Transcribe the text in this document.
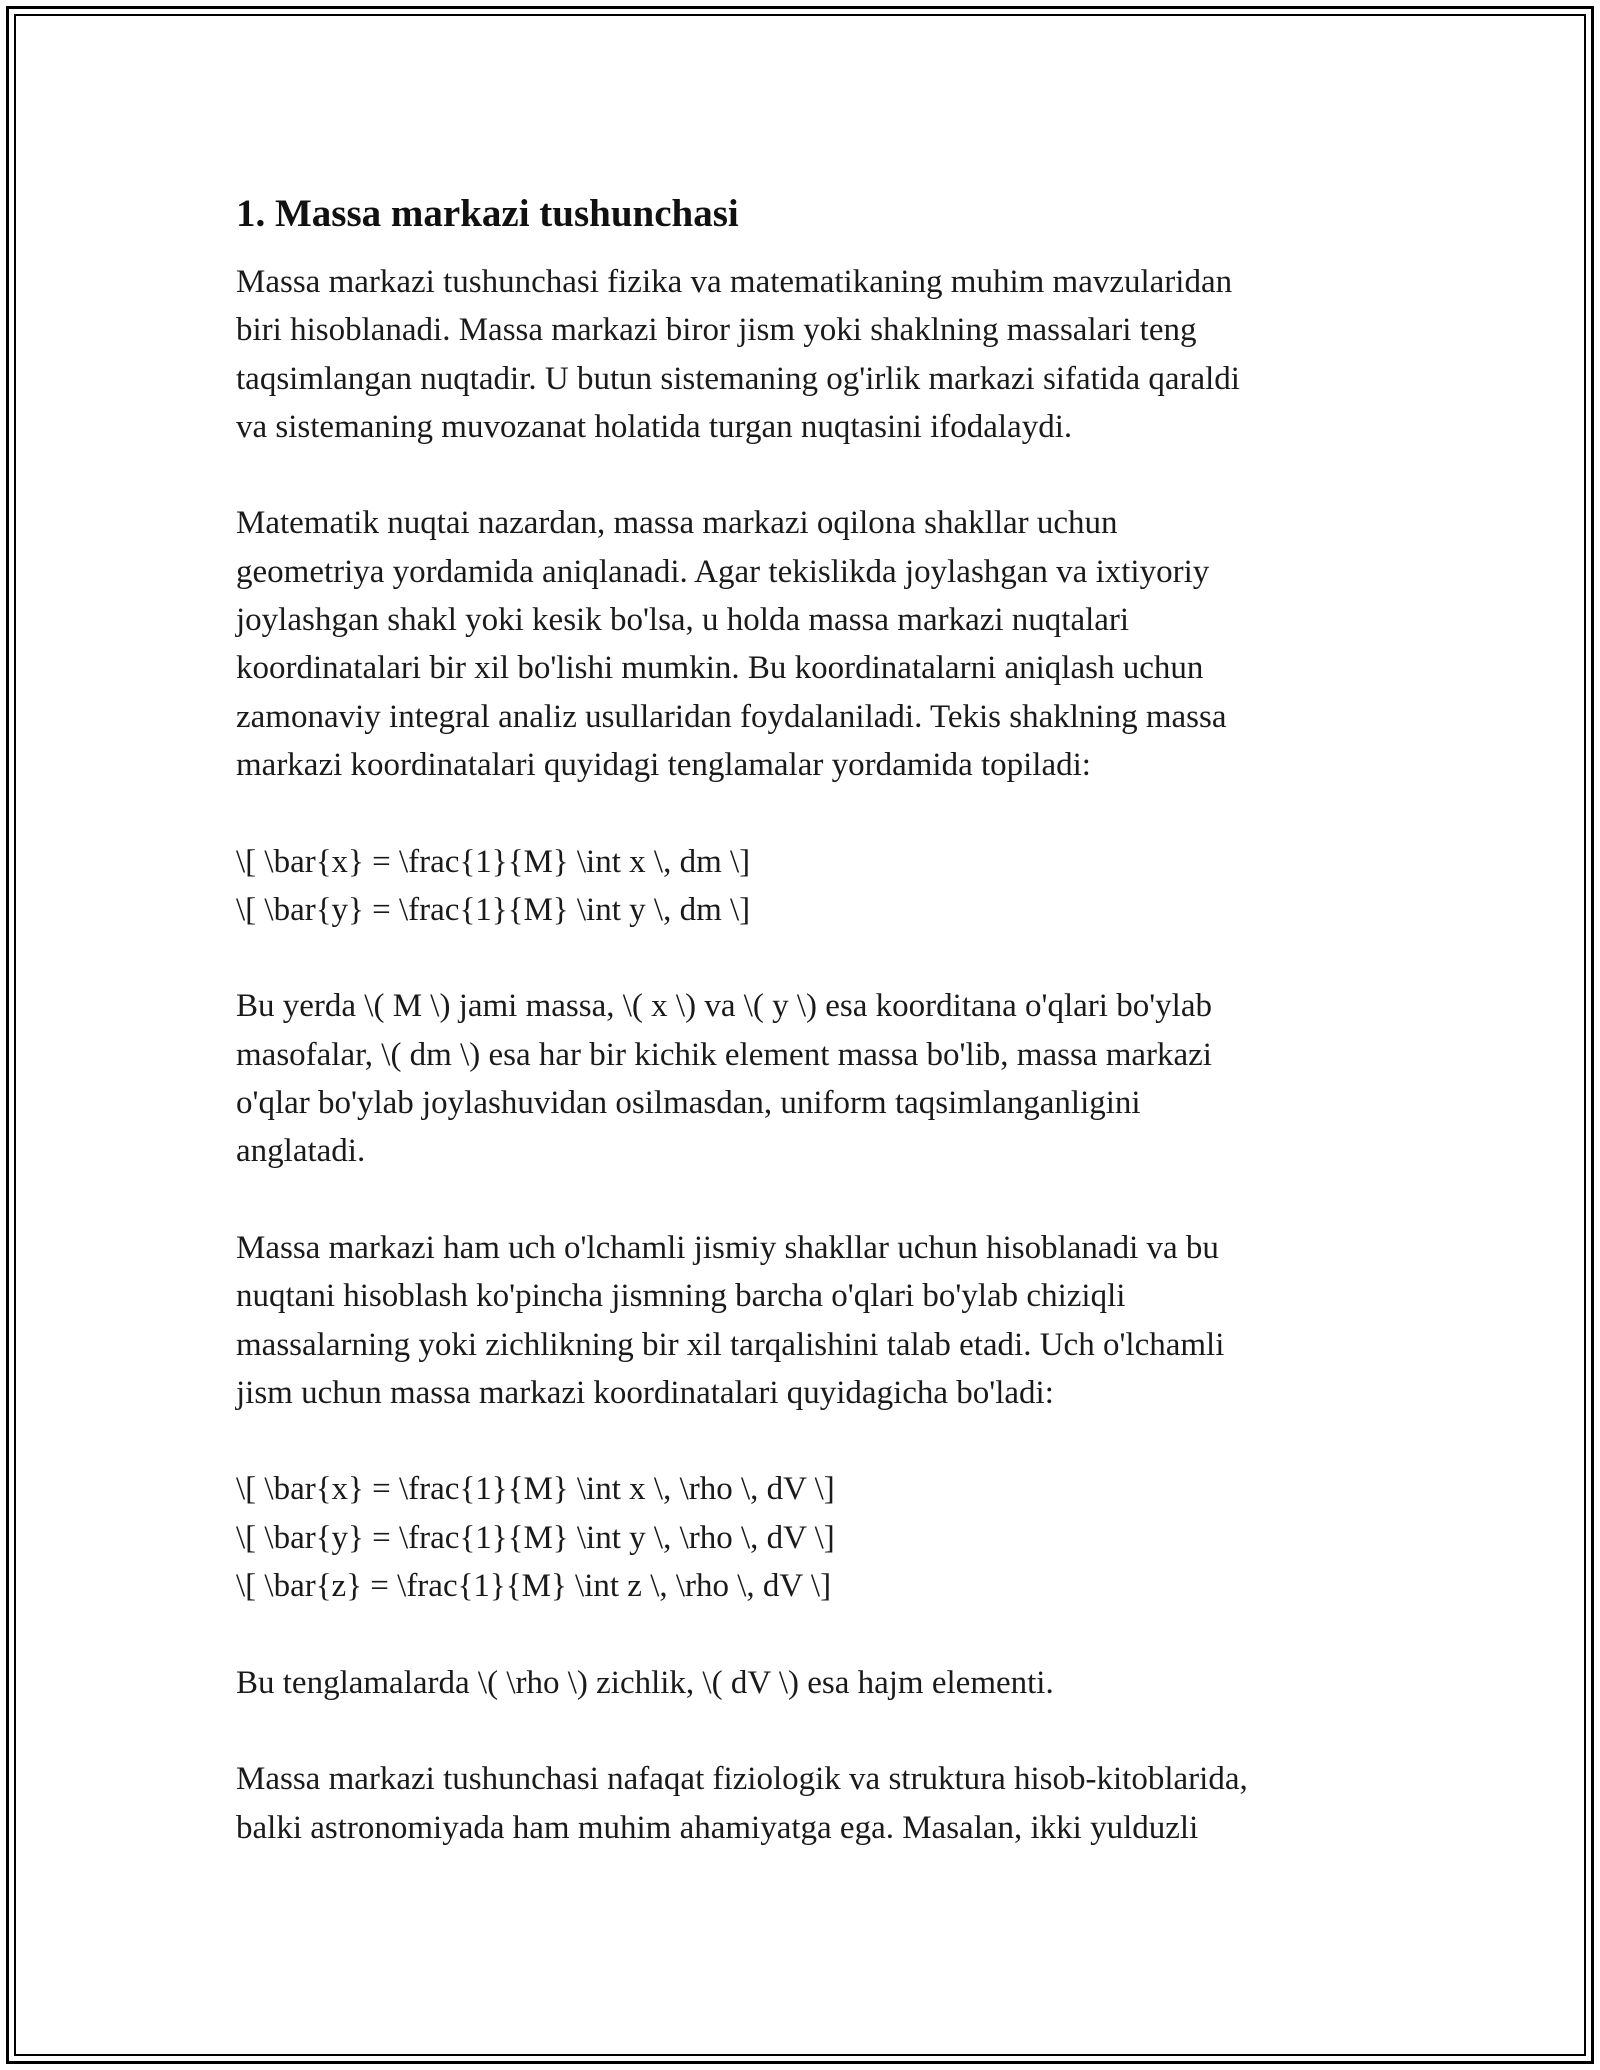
1. Massa markazi tushunchasi
Massa markazi tushunchasi fizika va matematikaning muhim mavzularidan
biri hisoblanadi. Massa markazi biror jism yoki shaklning massalari teng
taqsimlangan nuqtadir. U butun sistemaning og'irlik markazi sifatida qaraldi
va sistemaning muvozanat holatida turgan nuqtasini ifodalaydi.
Matematik nuqtai nazardan, massa markazi oqilona shakllar uchun
geometriya yordamida aniqlanadi. Agar tekislikda joylashgan va ixtiyoriy
joylashgan shakl yoki kesik bo'lsa, u holda massa markazi nuqtalari
koordinatalari bir xil bo'lishi mumkin. Bu koordinatalarni aniqlash uchun
zamonaviy integral analiz usullaridan foydalaniladi. Tekis shaklning massa
markazi koordinatalari quyidagi tenglamalar yordamida topiladi:
\[ \bar{x} = \frac{1}{M} \int x \, dm \]
\[ \bar{y} = \frac{1}{M} \int y \, dm \]
Bu yerda \( M \) jami massa, \( x \) va \( y \) esa koorditana o'qlari bo'ylab
masofalar, \( dm \) esa har bir kichik element massa bo'lib, massa markazi
o'qlar bo'ylab joylashuvidan osilmasdan, uniform taqsimlanganligini
anglatadi.
Massa markazi ham uch o'lchamli jismiy shakllar uchun hisoblanadi va bu
nuqtani hisoblash ko'pincha jismning barcha o'qlari bo'ylab chiziqli
massalarning yoki zichlikning bir xil tarqalishini talab etadi. Uch o'lchamli
jism uchun massa markazi koordinatalari quyidagicha bo'ladi:
\[ \bar{x} = \frac{1}{M} \int x \, \rho \, dV \]
\[ \bar{y} = \frac{1}{M} \int y \, \rho \, dV \]
\[ \bar{z} = \frac{1}{M} \int z \, \rho \, dV \]
Bu tenglamalarda \( \rho \) zichlik, \( dV \) esa hajm elementi.
Massa markazi tushunchasi nafaqat fiziologik va struktura hisob-kitoblarida,
balki astronomiyada ham muhim ahamiyatga ega. Masalan, ikki yulduzli
